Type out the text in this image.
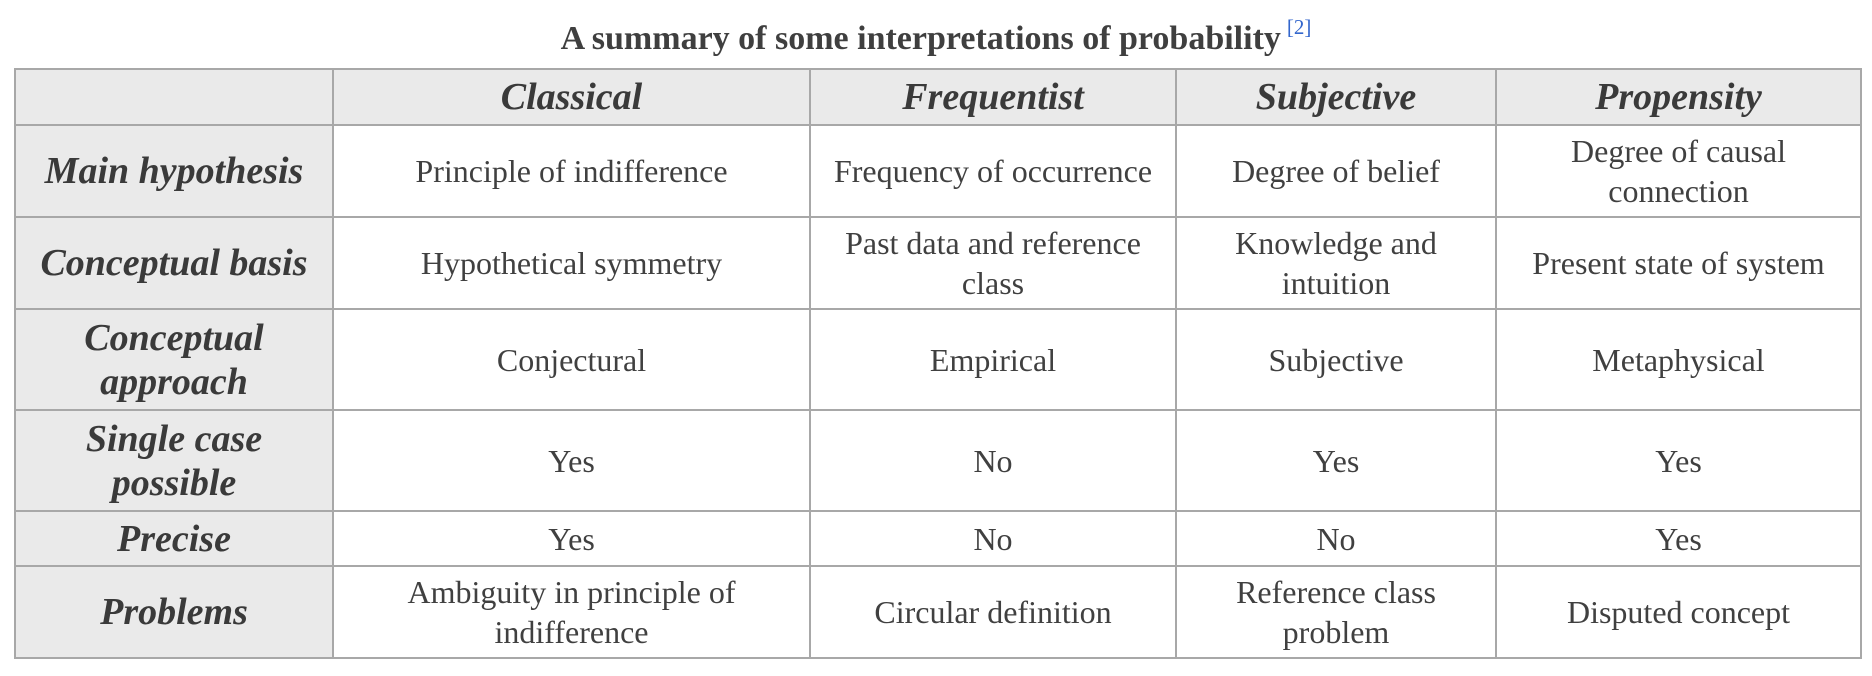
A summary of some interpretations of probability [2]
	Classical	Frequentist	Subjective	Propensity
Main hypothesis	Principle of indifference	Frequency of occurrence	Degree of belief	Degree of causal connection
Conceptual basis	Hypothetical symmetry	Past data and reference class	Knowledge and intuition	Present state of system
Conceptual approach	Conjectural	Empirical	Subjective	Metaphysical
Single case possible	Yes	No	Yes	Yes
Precise	Yes	No	No	Yes
Problems	Ambiguity in principle of indifference	Circular definition	Reference class problem	Disputed concept
